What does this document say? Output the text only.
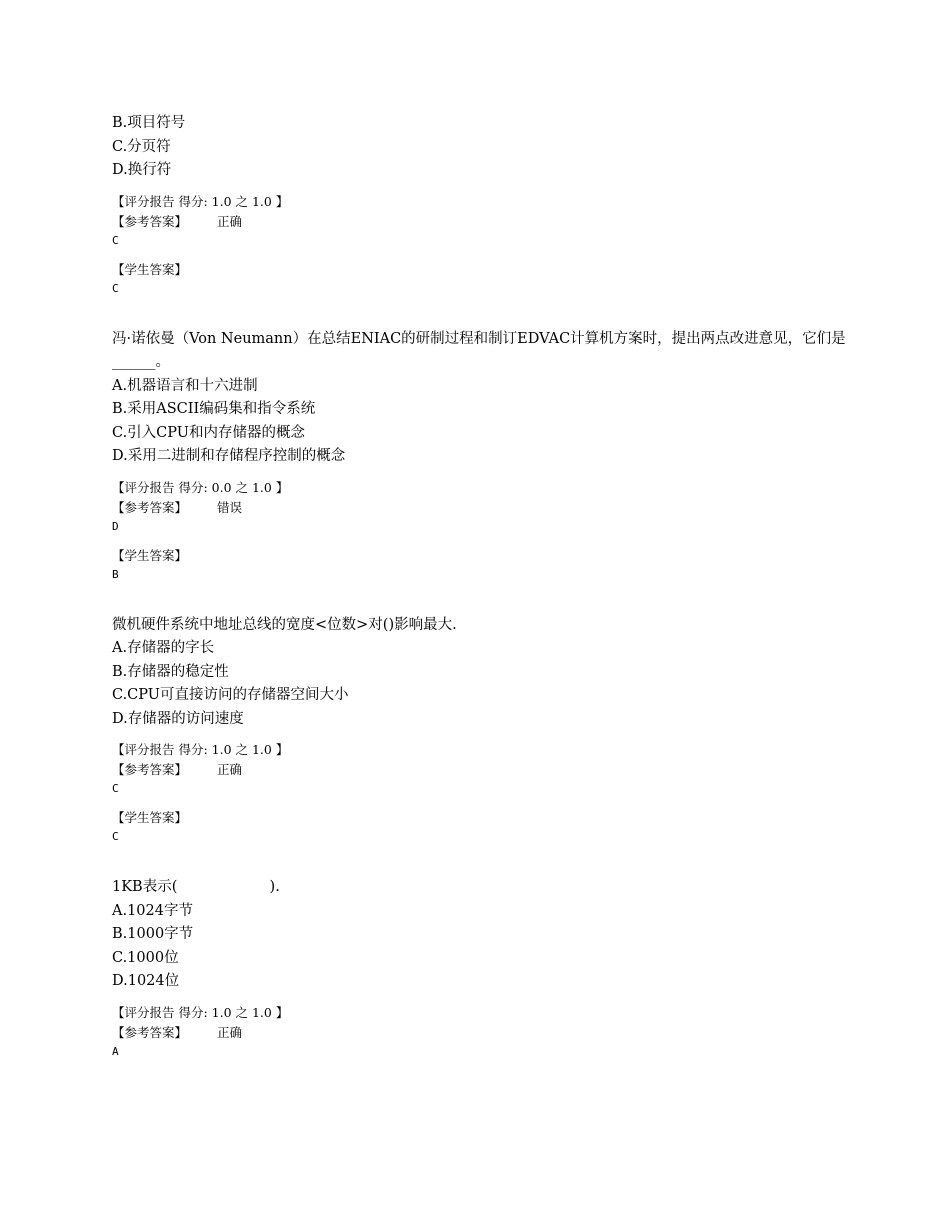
B.项目符号
C.分页符
D.换行符
【评分报告 得分: 1.0 之 1.0 】
【参考答案】 正确
C
【学生答案】
C
冯·诺依曼（Von Neumann）在总结ENIAC的研制过程和制订EDVAC计算机方案时，提出两点改进意见，它们是______。
A.机器语言和十六进制
B.采用ASCII编码集和指令系统
C.引入CPU和内存储器的概念
D.采用二进制和存储程序控制的概念
【评分报告 得分: 0.0 之 1.0 】
【参考答案】 错误
D
【学生答案】
B
微机硬件系统中地址总线的宽度<位数>对()影响最大.
A.存储器的字长
B.存储器的稳定性
C.CPU可直接访问的存储器空间大小
D.存储器的访问速度
【评分报告 得分: 1.0 之 1.0 】
【参考答案】 正确
C
【学生答案】
C
1KB表示(                    ).
A.1024字节
B.1000字节
C.1000位
D.1024位
【评分报告 得分: 1.0 之 1.0 】
【参考答案】 正确
A
